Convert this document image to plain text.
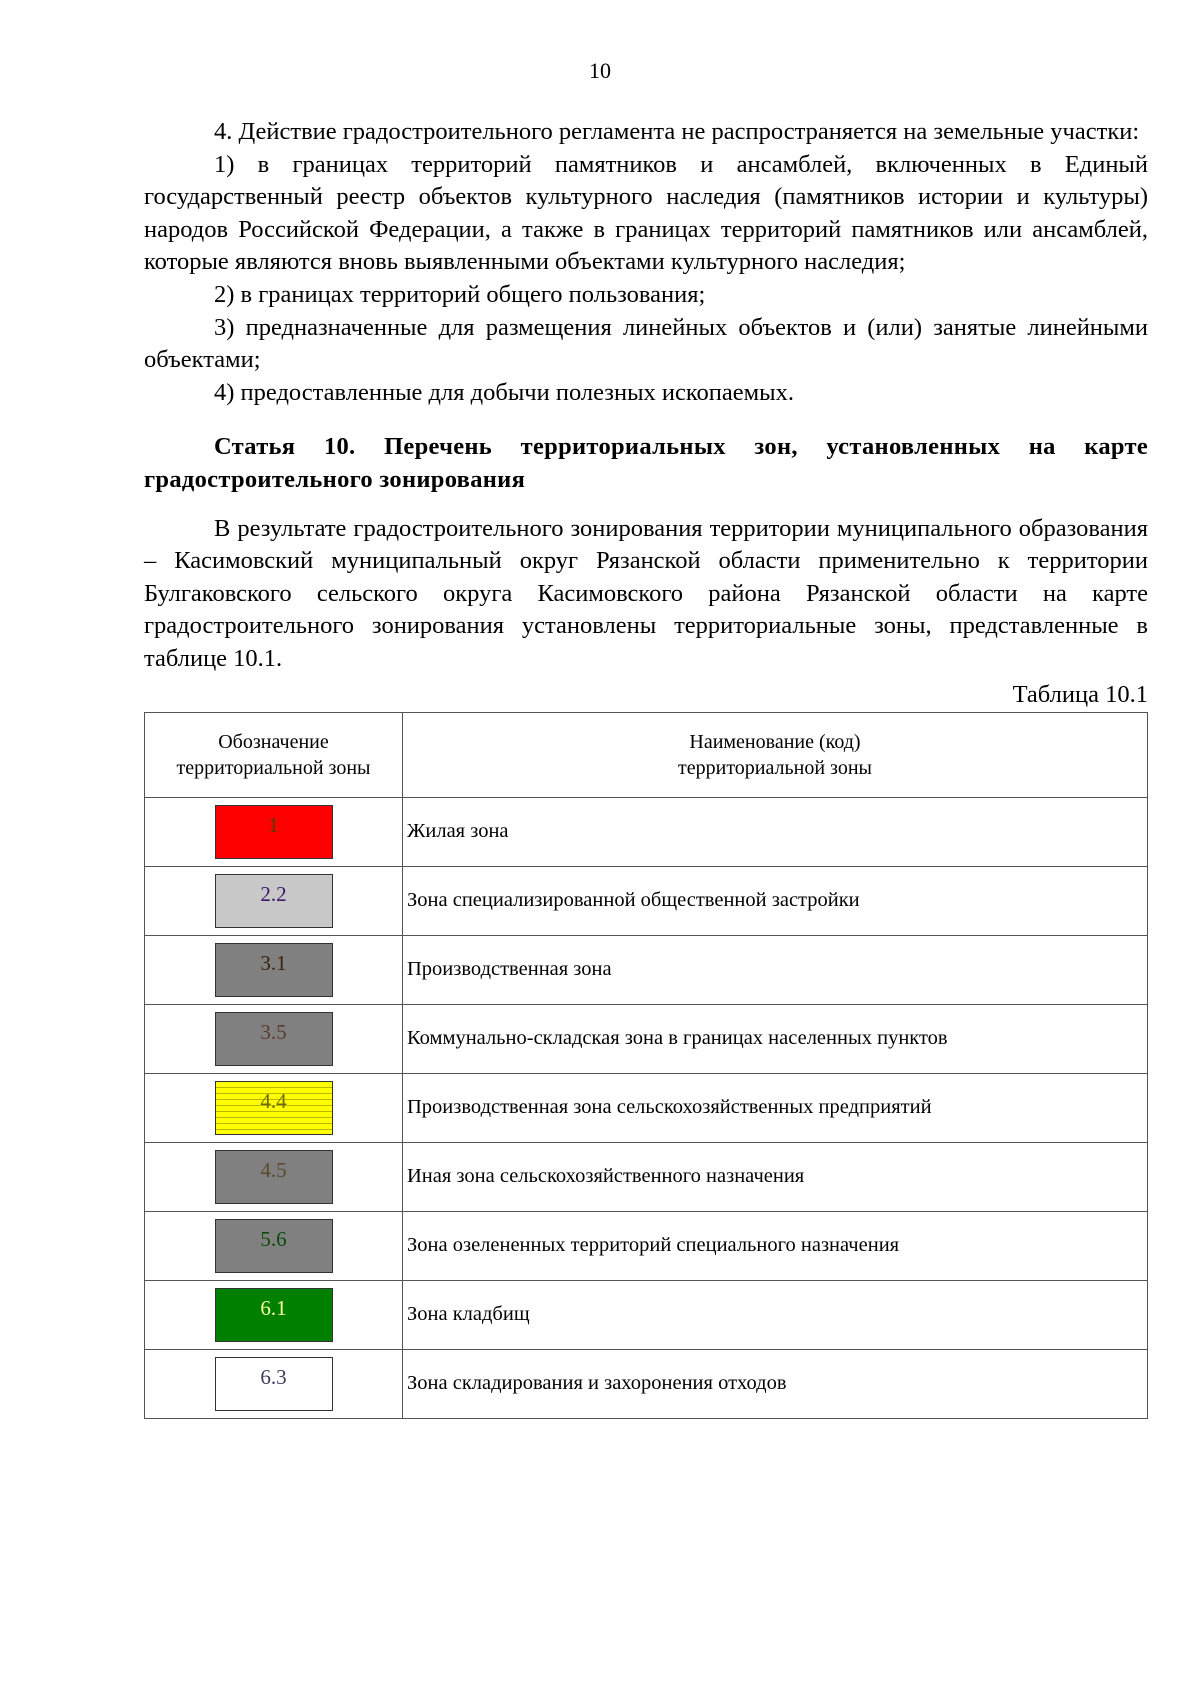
10

4. Действие градостроительного регламента не распространяется на земельные участки:

1) в границах территорий памятников и ансамблей, включенных в Единый государственный реестр объектов культурного наследия (памятников истории и культуры) народов Российской Федерации, а также в границах территорий памятников или ансамблей, которые являются вновь выявленными объектами культурного наследия;

2) в границах территорий общего пользования;

3) предназначенные для размещения линейных объектов и (или) занятые линейными объектами;

4) предоставленные для добычи полезных ископаемых.

Статья 10. Перечень территориальных зон, установленных на карте градостроительного зонирования

В результате градостроительного зонирования территории муниципального образования – Касимовский муниципальный округ Рязанской области применительно к территории Булгаковского сельского округа Касимовского района Рязанской области на карте градостроительного зонирования установлены территориальные зоны, представленные в таблице 10.1.

Таблица 10.1
Обозначение территориальной зоны	Наименование (код)
территориальной зоны
1	Жилая зона
2.2	Зона специализированной общественной застройки
3.1	Производственная зона
3.5	Коммунально-складская зона в границах населенных пунктов
4.4	Производственная зона сельскохозяйственных предприятий
4.5	Иная зона сельскохозяйственного назначения
5.6	Зона озелененных территорий специального назначения
6.1	Зона кладбищ
6.3	Зона складирования и захоронения отходов
